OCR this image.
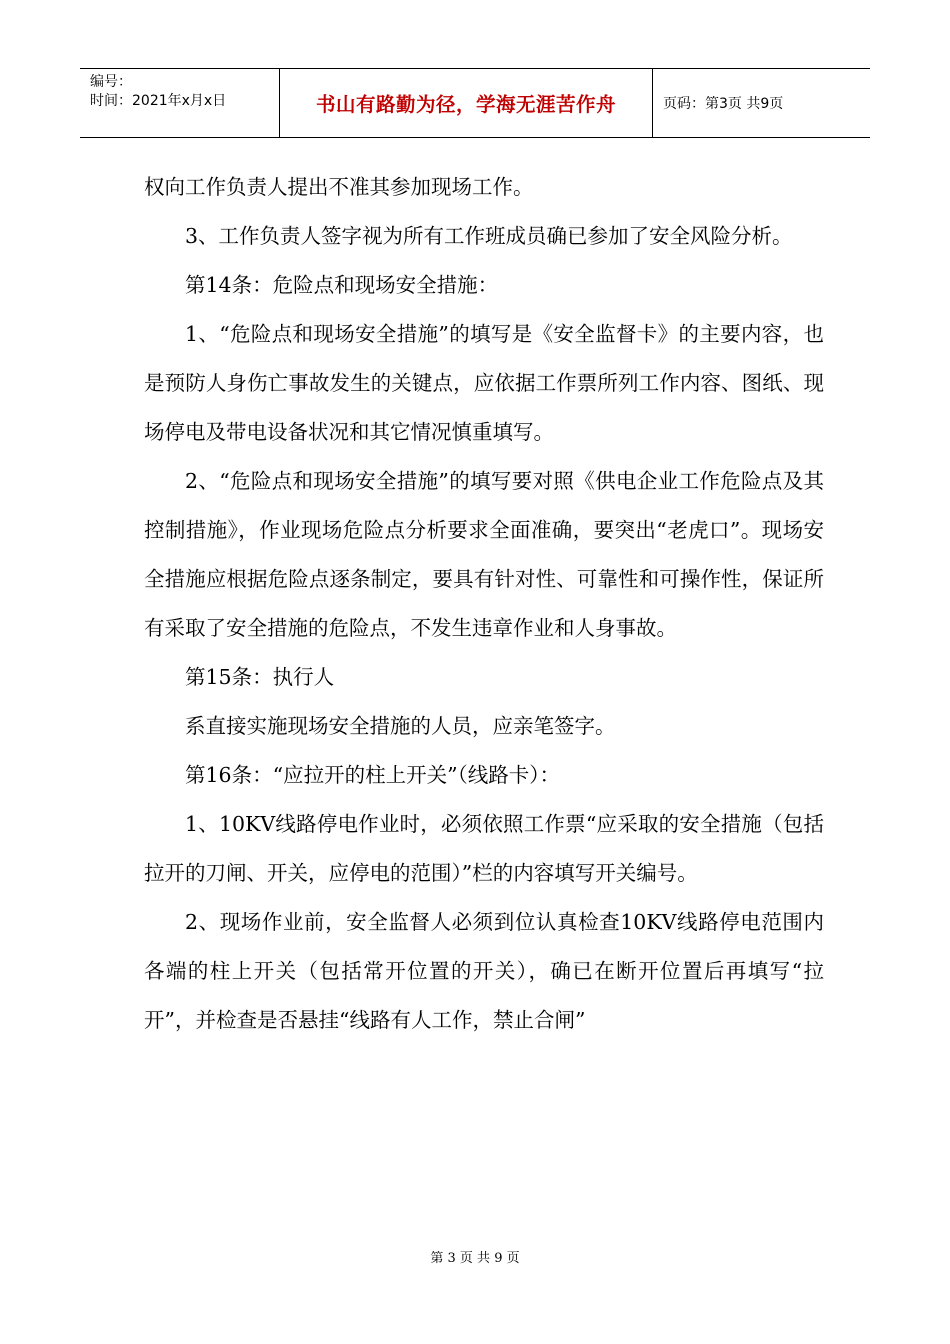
编号：
时间：2021年x月x日	书山有路勤为径，学海无涯苦作舟	页码：第3页 共9页

权向工作负责人提出不准其参加现场工作。

3、工作负责人签字视为所有工作班成员确已参加了安全风险分析。

第14条：危险点和现场安全措施：

1、“危险点和现场安全措施”的填写是《安全监督卡》的主要内容，也是预防人身伤亡事故发生的关键点，应依据工作票所列工作内容、图纸、现场停电及带电设备状况和其它情况慎重填写。

2、“危险点和现场安全措施”的填写要对照《供电企业工作危险点及其控制措施》，作业现场危险点分析要求全面准确，要突出“老虎口”。现场安全措施应根据危险点逐条制定，要具有针对性、可靠性和可操作性，保证所有采取了安全措施的危险点，不发生违章作业和人身事故。

第15条：执行人

系直接实施现场安全措施的人员，应亲笔签字。

第16条：“应拉开的柱上开关”（线路卡）：

1、10KV线路停电作业时，必须依照工作票“应采取的安全措施（包括拉开的刀闸、开关，应停电的范围）”栏的内容填写开关编号。

2、现场作业前，安全监督人必须到位认真检查10KV线路停电范围内各端的柱上开关（包括常开位置的开关），确已在断开位置后再填写“拉开”，并检查是否悬挂“线路有人工作，禁止合闸”

第 3 页 共 9 页
